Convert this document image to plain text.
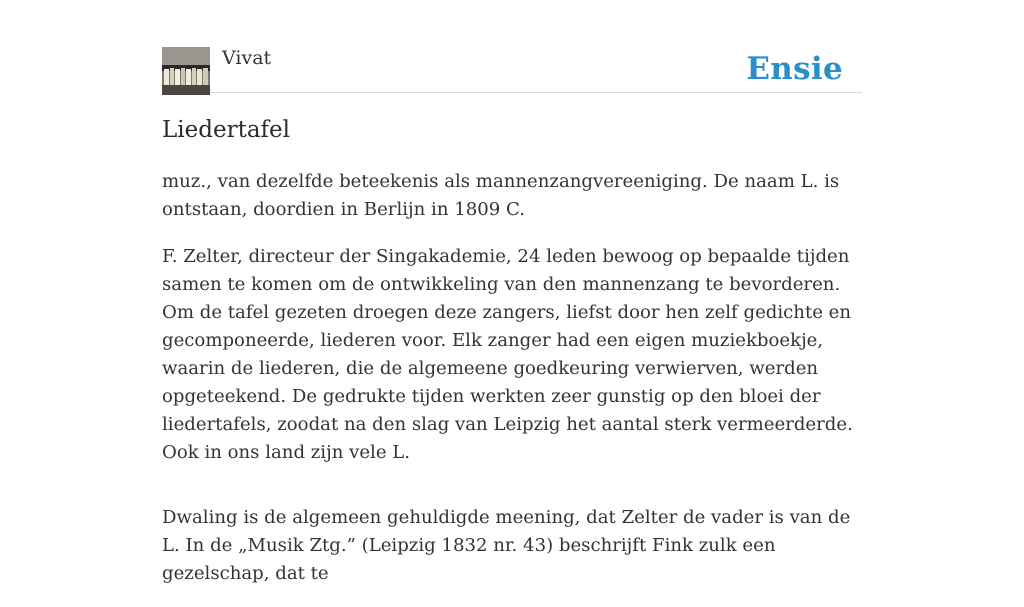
Vivat	Ensie
Liedertafel

muz., van dezelfde beteekenis als mannenzangvereeniging. De naam L. is ontstaan, doordien in Berlijn in 1809 C.

F. Zelter, directeur der Singakademie, 24 leden bewoog op bepaalde tijden samen te komen om de ontwikkeling van den mannenzang te bevorderen. Om de tafel gezeten droegen deze zangers, liefst door hen zelf gedichte en gecomponeerde, liederen voor. Elk zanger had een eigen muziekboekje, waarin de liederen, die de algemeene goedkeuring verwierven, werden opgeteekend. De gedrukte tijden werkten zeer gunstig op den bloei der liedertafels, zoodat na den slag van Leipzig het aantal sterk vermeerderde. Ook in ons land zijn vele L.

Dwaling is de algemeen gehuldigde meening, dat Zelter de vader is van de L. In de „Musik Ztg.” (Leipzig 1832 nr. 43) beschrijft Fink zulk een gezelschap, dat te
